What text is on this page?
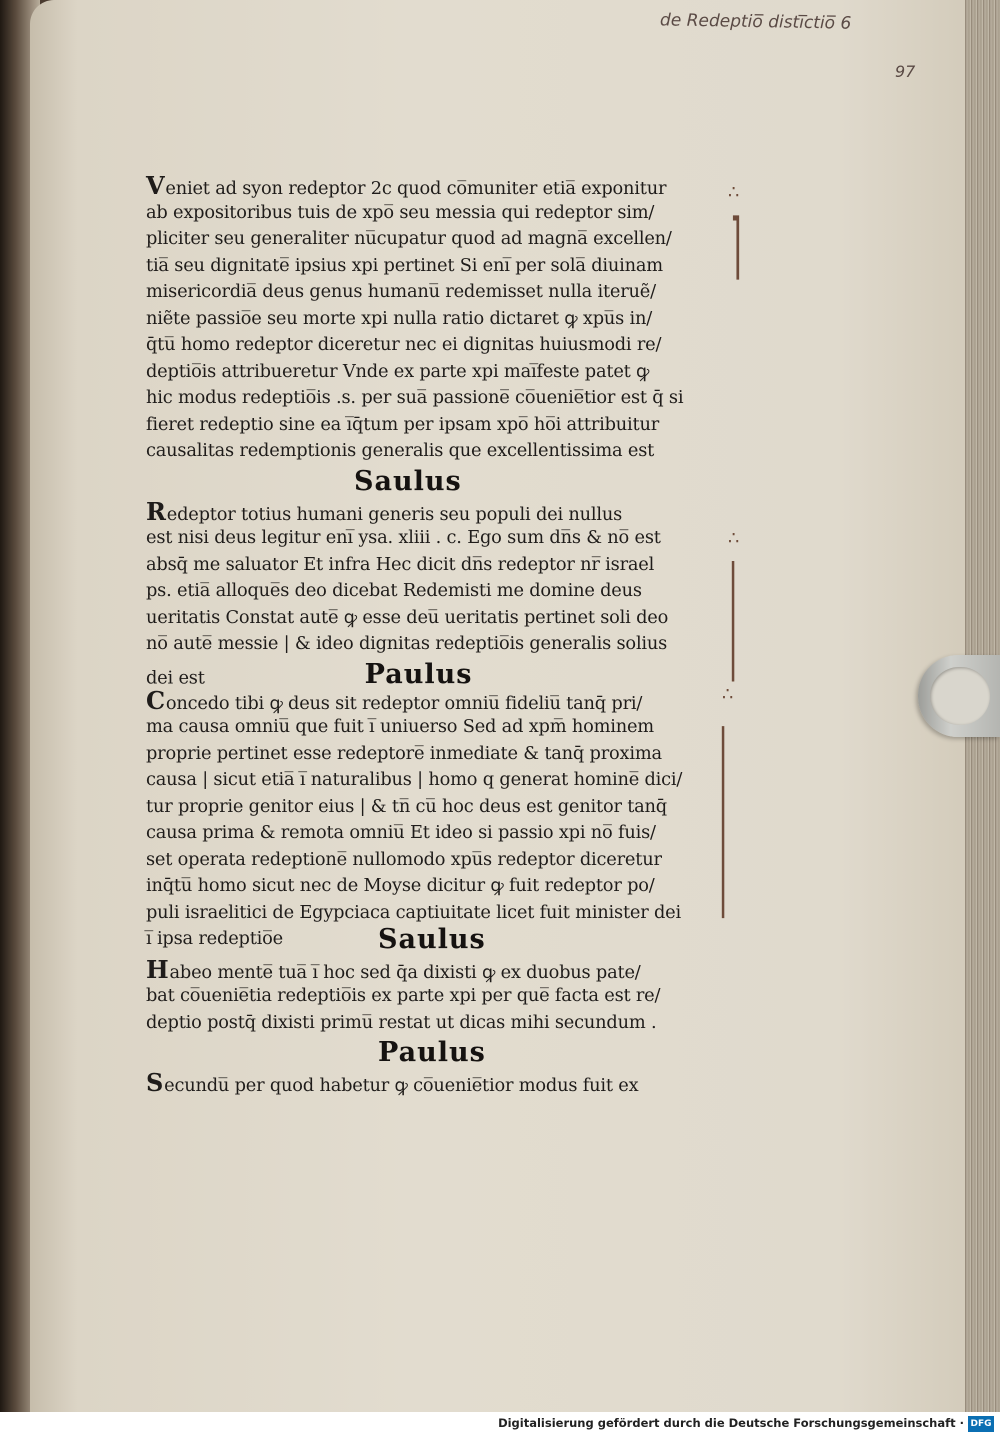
de Redeptio̅ disti̅ctio̅ 6
97
∴
⌉
∴
|
∴
|
Veniet ad syon redeptor 2c quod co̅muniter etia̅ exponitur
ab expositoribus tuis de xpo̅ seu messia qui redeptor sim/
pliciter seu generaliter nu̅cupatur quod ad magna̅ excellen/
tia̅ seu dignitate̅ ipsius xpi pertinet Si eni̅ per sola̅ diuinam
misericordia̅ deus genus humanu̅ redemisset nulla iteruẽ/
niẽte passio̅e seu morte xpi nulla ratio dictaret ꝙ xpu̅s in/
q̄tu̅ homo redeptor diceretur nec ei dignitas huiusmodi re/
deptio̅is attribueretur Vnde ex parte xpi mai̅feste patet ꝙ
hic modus redeptio̅is .s. per sua̅ passione̅ co̅uenie̅tior est q̄ si
fieret redeptio sine ea i̅q̄tum per ipsam xpo̅ ho̅i attribuitur
causalitas redemptionis generalis que excellentissima est
Saulus
Redeptor totius humani generis seu populi dei nullus
est nisi deus legitur eni̅ ysa. xliii . c. Ego sum dn̅s & no̅ est
absq̄ me saluator Et infra Hec dicit dn̅s redeptor nr̅ israel
ps. etia̅ alloque̅s deo dicebat Redemisti me domine deus
ueritatis Constat aute̅ ꝙ esse deu̅ ueritatis pertinet soli deo
no̅ aute̅ messie | & ideo dignitas redeptio̅is generalis solius
dei est	Paulus
Concedo tibi ꝙ deus sit redeptor omniu̅ fideliu̅ tanq̄ pri/
ma causa omniu̅ que fuit i̅ uniuerso Sed ad xpm̅ hominem
proprie pertinet esse redeptore̅ inmediate & tanq̄ proxima
causa | sicut etia̅ i̅ naturalibus | homo q generat homine̅ dici/
tur proprie genitor eius | & tn̅ cu̅ hoc deus est genitor tanq̄
causa prima & remota omniu̅ Et ideo si passio xpi no̅ fuis/
set operata redeptione̅ nullomodo xpu̅s redeptor diceretur
inq̄tu̅ homo sicut nec de Moyse dicitur ꝙ fuit redeptor po/
puli israelitici de Egypciaca captiuitate licet fuit minister dei
i̅ ipsa redeptio̅e	Saulus
Habeo mente̅ tua̅ i̅ hoc sed q̄a dixisti ꝙ ex duobus pate/
bat co̅uenie̅tia redeptio̅is ex parte xpi per que̅ facta est re/
deptio postq̄ dixisti primu̅ restat ut dicas mihi secundum .
Paulus
Secundu̅ per quod habetur ꝙ co̅uenie̅tior modus fuit ex
Digitalisierung gefördert durch die Deutsche Forschungsgemeinschaft · DFG
